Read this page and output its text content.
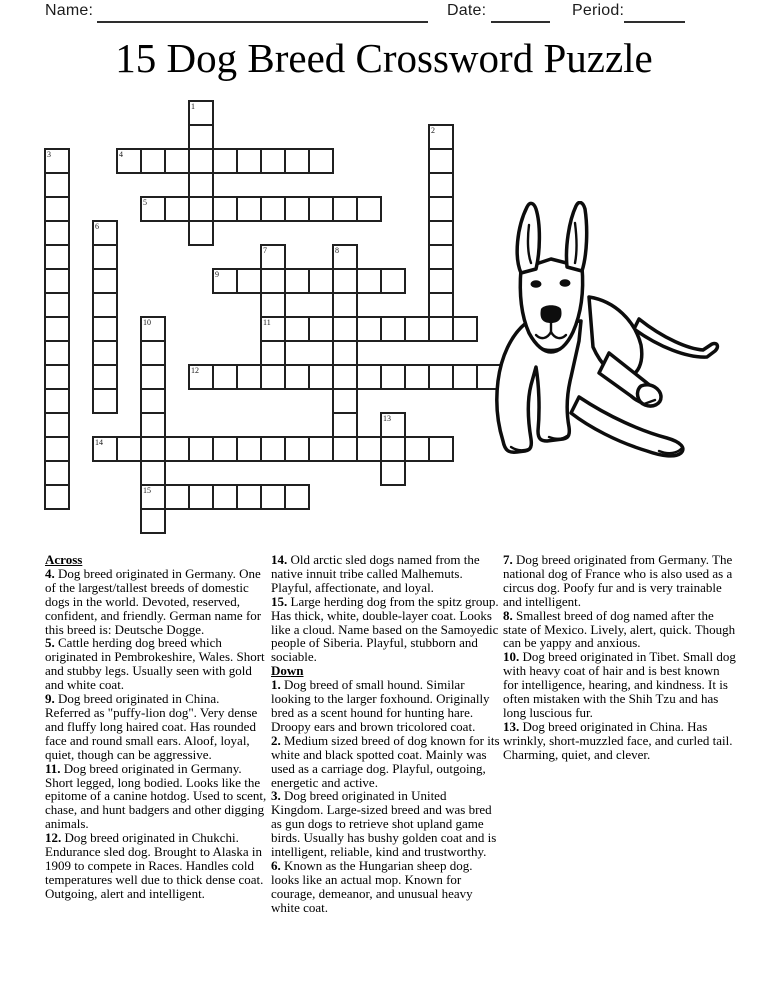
Name:	Date:	Period:
15 Dog Breed Crossword Puzzle
1
2
3	4
5
6
7
11
8
9
10
15
12
13
14

Across

4. Dog breed originated in Germany. One of the largest/tallest breeds of domestic dogs in the world. Devoted, reserved, confident, and friendly. German name for this breed is: Deutsche Dogge.

5. Cattle herding dog breed which originated in Pembrokeshire, Wales. Short and stubby legs. Usually seen with gold and white coat.

9. Dog breed originated in China. Referred as "puffy-lion dog". Very dense and fluffy long haired coat. Has rounded face and round small ears. Aloof, loyal, quiet, though can be aggressive.

11. Dog breed originated in Germany. Short legged, long bodied. Looks like the epitome of a canine hotdog. Used to scent, chase, and hunt badgers and other digging animals.

12. Dog breed originated in Chukchi. Endurance sled dog. Brought to Alaska in 1909 to compete in Races. Handles cold temperatures well due to thick dense coat. Outgoing, alert and intelligent.

14. Old arctic sled dogs named from the native innuit tribe called Malhemuts. Playful, affectionate, and loyal.

15. Large herding dog from the spitz group. Has thick, white, double-layer coat. Looks like a cloud. Name based on the Samoyedic people of Siberia. Playful, stubborn and sociable.

Down

1. Dog breed of small hound. Similar looking to the larger foxhound. Originally bred as a scent hound for hunting hare. Droopy ears and brown tricolored coat.

2. Medium sized breed of dog known for its white and black spotted coat. Mainly was used as a carriage dog. Playful, outgoing, energetic and active.

3. Dog breed originated in United Kingdom. Large-sized breed and was bred as gun dogs to retrieve shot upland game birds. Usually has bushy golden coat and is intelligent, reliable, kind and trustworthy.

6. Known as the Hungarian sheep dog. looks like an actual mop. Known for courage, demeanor, and unusual heavy white coat.

7. Dog breed originated from Germany. The national dog of France who is also used as a circus dog. Poofy fur and is very trainable and intelligent.

8. Smallest breed of dog named after the state of Mexico. Lively, alert, quick. Though can be yappy and anxious.

10. Dog breed originated in Tibet. Small dog with heavy coat of hair and is best known for intelligence, hearing, and kindness. It is often mistaken with the Shih Tzu and has long luscious fur.

13. Dog breed originated in China. Has wrinkly, short-muzzled face, and curled tail. Charming, quiet, and clever.
